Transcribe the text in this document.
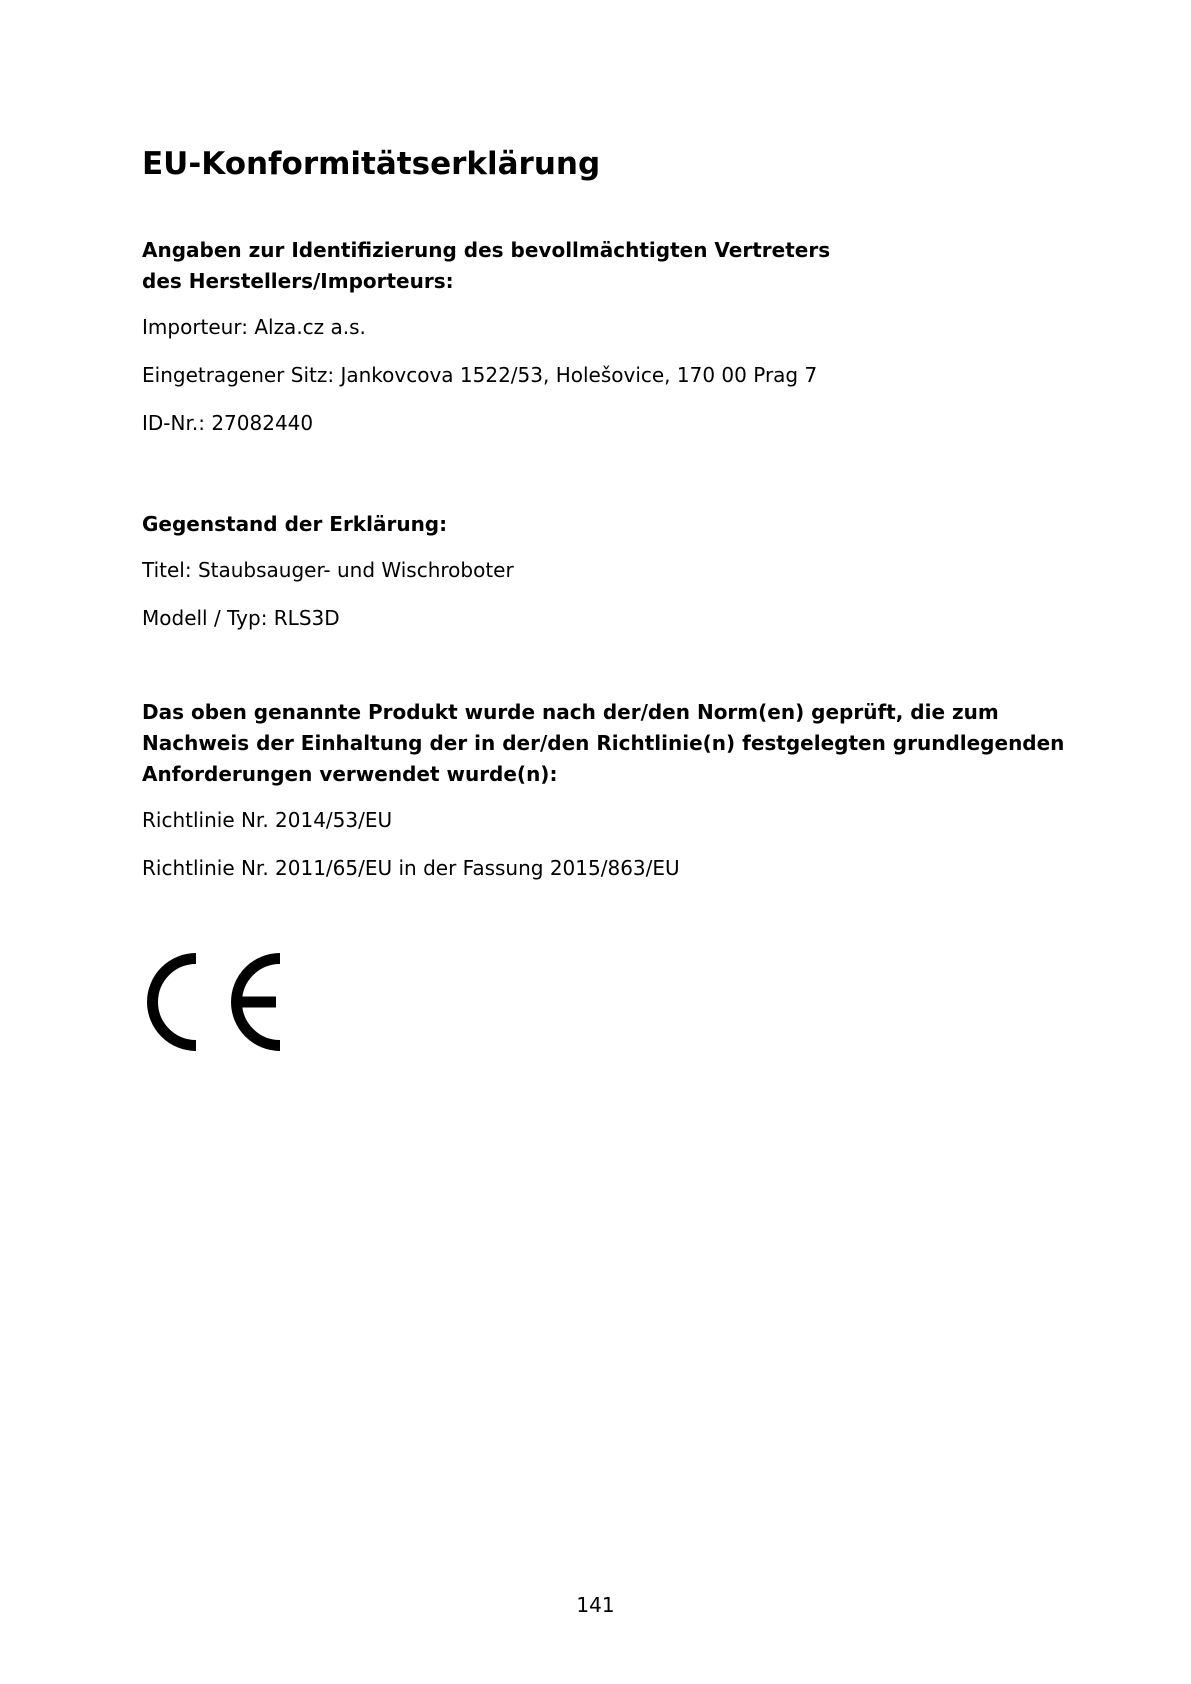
EU-Konformitätserklärung

Angaben zur Identifizierung des bevollmächtigten Vertreters des Herstellers/Importeurs:

Importeur: Alza.cz a.s.

Eingetragener Sitz: Jankovcova 1522/53, Holešovice, 170 00 Prag 7

ID-Nr.: 27082440

Gegenstand der Erklärung:

Titel: Staubsauger- und Wischroboter

Modell / Typ: RLS3D

Das oben genannte Produkt wurde nach der/den Norm(en) geprüft, die zum Nachweis der Einhaltung der in der/den Richtlinie(n) festgelegten grundlegenden Anforderungen verwendet wurde(n):

Richtlinie Nr. 2014/53/EU

Richtlinie Nr. 2011/65/EU in der Fassung 2015/863/EU

141
